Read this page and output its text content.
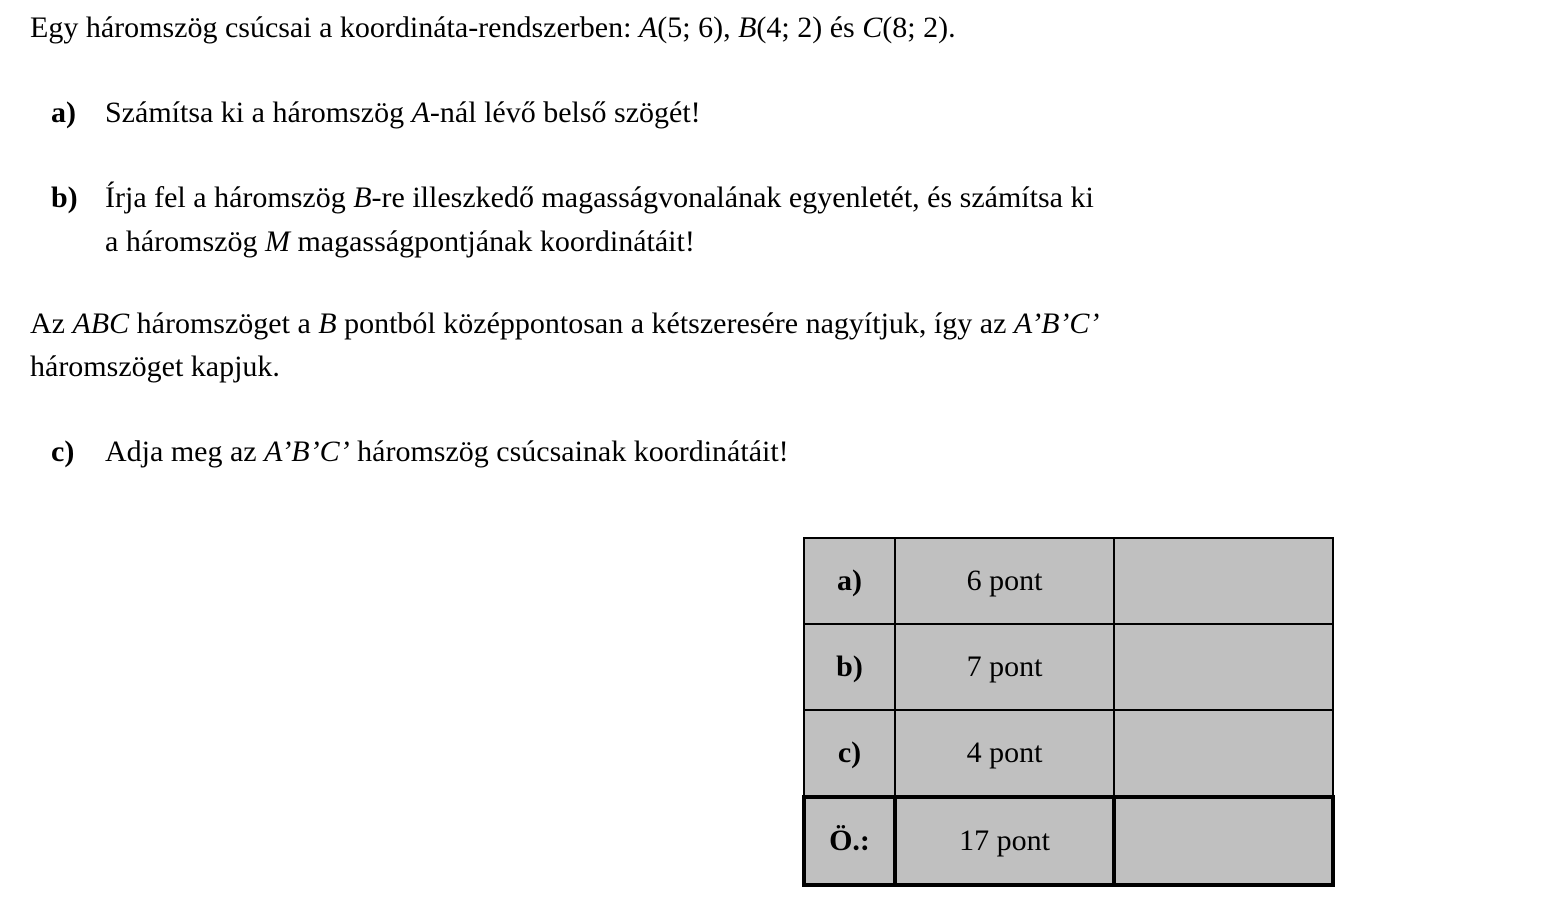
Egy háromszög csúcsai a koordináta-rendszerben: A(5; 6), B(4; 2) és C(8; 2).
a) Számítsa ki a háromszög A-nál lévő belső szögét!
b) Írja fel a háromszög B-re illeszkedő magasságvonalának egyenletét, és számítsa ki
a háromszög M magasságpontjának koordinátáit!
Az ABC háromszöget a B pontból középpontosan a kétszeresére nagyítjuk, így az A’B’C’
háromszöget kapjuk.
c) Adja meg az A’B’C’ háromszög csúcsainak koordinátáit!
a)	6 pont	
b)	7 pont	
c)	4 pont	
Ö.:	17 pont	
